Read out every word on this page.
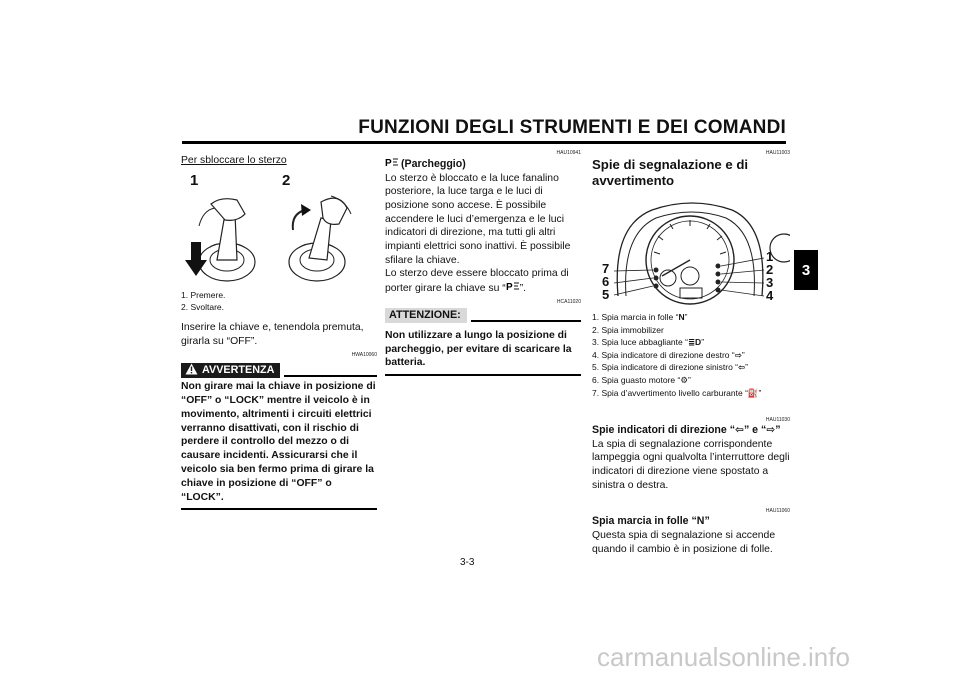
FUNZIONI DEGLI STRUMENTI E DEI COMANDI
3

Per sbloccare lo sterzo

1	2
1. Premere.
2. Svoltare.

Inserire la chiave e, tenendola premuta, girarla su “OFF”.

HWA10060
AVVERTENZA

Non girare mai la chiave in posizione di “OFF” o “LOCK” mentre il veicolo è in movimento, altrimenti i circuiti elettrici verranno disattivati, con il rischio di perdere il controllo del mezzo o di causare incidenti. Assicurarsi che il veicolo sia ben fermo prima di girare la chiave in posizione di “OFF” o “LOCK”.

HAU10941

P (Parcheggio)

Lo sterzo è bloccato e la luce fanalino posteriore, la luce targa e le luci di posizione sono accese. È possibile accendere le luci d’emergenza e le luci indicatori di direzione, ma tutti gli altri impianti elettrici sono inattivi. È possibile sfilare la chiave.

Lo sterzo deve essere bloccato prima di porter girare la chiave su “ P ”.

HCA11020
ATTENZIONE:

Non utilizzare a lungo la posizione di parcheggio, per evitare di scaricare la batteria.

HAU11003

Spie di segnalazione e di avvertimento

7
6
5
1
2
3
4
1. Spia marcia in folle “N”
2. Spia immobilizer
3. Spia luce abbagliante “≣D”
4. Spia indicatore di direzione destro “⇨”
5. Spia indicatore di direzione sinistro “⇦”
6. Spia guasto motore “⚙”
7. Spia d’avvertimento livello carburante “⛽”
HAU11030

Spie indicatori di direzione “⇦” e “⇨”

La spia di segnalazione corrispondente lampeggia ogni qualvolta l’interruttore degli indicatori di direzione viene spostato a sinistra o destra.

HAU11060

Spia marcia in folle “N”

Questa spia di segnalazione si accende quando il cambio è in posizione di folle.

3-3
carmanualsonline.info
